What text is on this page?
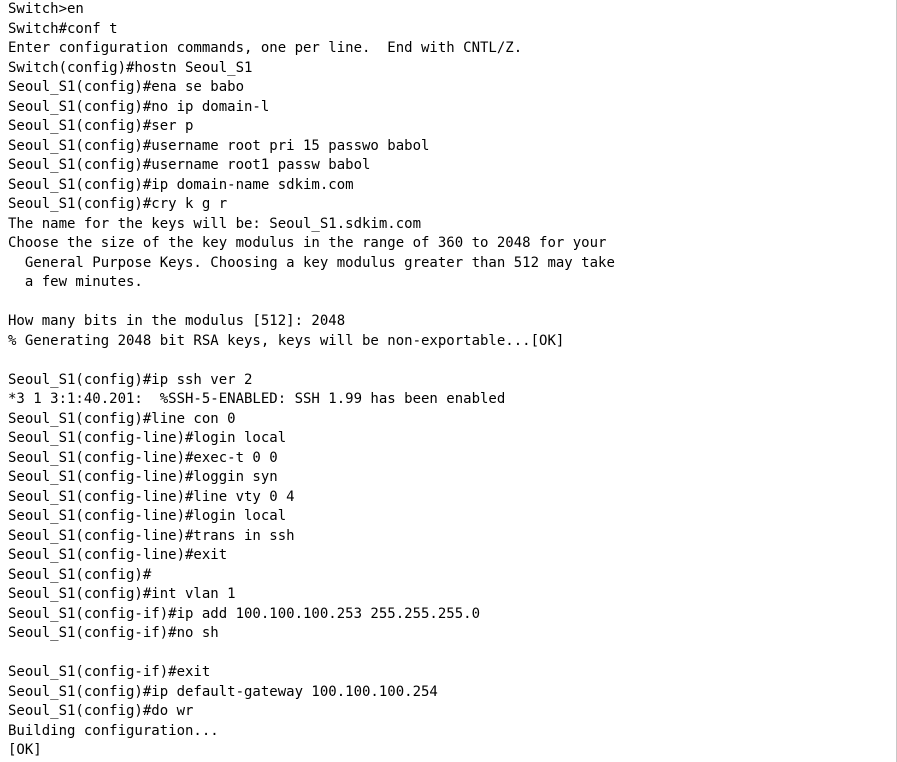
Switch>en
Switch#conf t
Enter configuration commands, one per line.  End with CNTL/Z.
Switch(config)#hostn Seoul_S1
Seoul_S1(config)#ena se babo
Seoul_S1(config)#no ip domain-l
Seoul_S1(config)#ser p
Seoul_S1(config)#username root pri 15 passwo babol
Seoul_S1(config)#username root1 passw babol
Seoul_S1(config)#ip domain-name sdkim.com
Seoul_S1(config)#cry k g r
The name for the keys will be: Seoul_S1.sdkim.com
Choose the size of the key modulus in the range of 360 to 2048 for your
General Purpose Keys. Choosing a key modulus greater than 512 may take
a few minutes.
How many bits in the modulus [512]: 2048
% Generating 2048 bit RSA keys, keys will be non-exportable...[OK]
Seoul_S1(config)#ip ssh ver 2
*3 1 3:1:40.201:  %SSH-5-ENABLED: SSH 1.99 has been enabled
Seoul_S1(config)#line con 0
Seoul_S1(config-line)#login local
Seoul_S1(config-line)#exec-t 0 0
Seoul_S1(config-line)#loggin syn
Seoul_S1(config-line)#line vty 0 4
Seoul_S1(config-line)#login local
Seoul_S1(config-line)#trans in ssh
Seoul_S1(config-line)#exit
Seoul_S1(config)#
Seoul_S1(config)#int vlan 1
Seoul_S1(config-if)#ip add 100.100.100.253 255.255.255.0
Seoul_S1(config-if)#no sh
Seoul_S1(config-if)#exit
Seoul_S1(config)#ip default-gateway 100.100.100.254
Seoul_S1(config)#do wr
Building configuration...
[OK]
